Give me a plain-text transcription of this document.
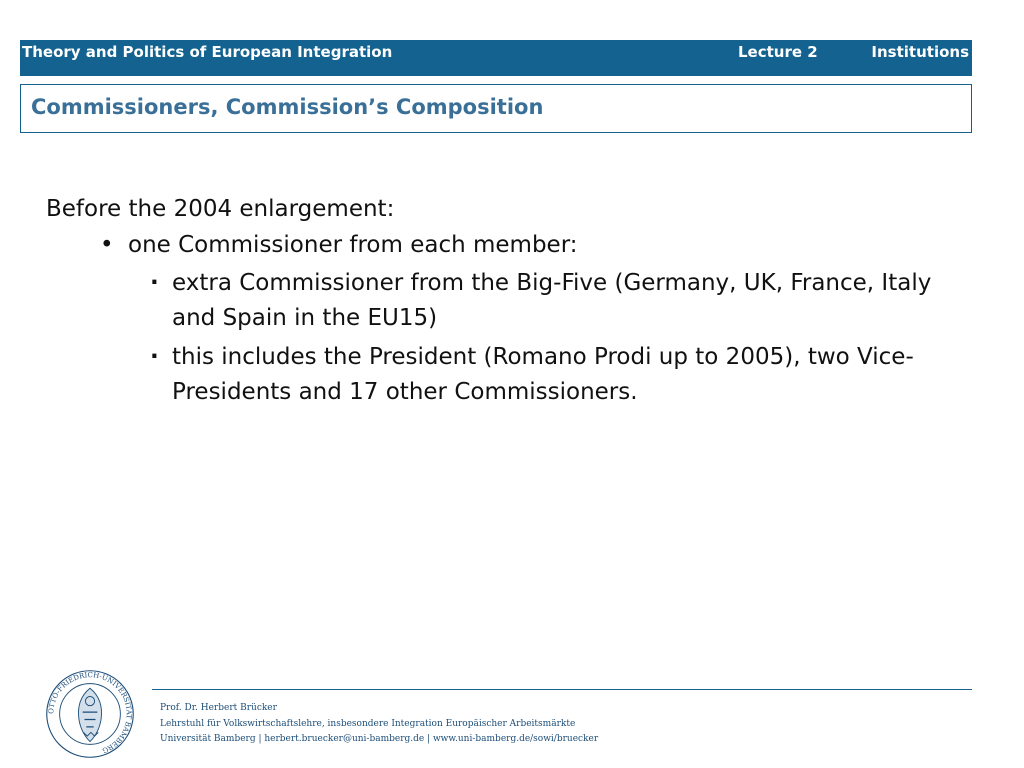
Theory and Politics of European Integration	Lecture 2	Institutions
Commissioners, Commission’s Composition
Before the 2004 enlargement:
• one Commissioner from each member:
· extra Commissioner from the Big-Five (Germany, UK, France, Italy and Spain in the EU15)
· this includes the President (Romano Prodi up to 2005), two Vice-Presidents and 17 other Commissioners.
OTTO-FRIEDRICH-UNIVERSITÄT BAMBERG
Prof. Dr. Herbert Brücker
Lehrstuhl für Volkswirtschaftslehre, insbesondere Integration Europäischer Arbeitsmärkte
Universität Bamberg | herbert.bruecker@uni-bamberg.de | www.uni-bamberg.de/sowi/bruecker
